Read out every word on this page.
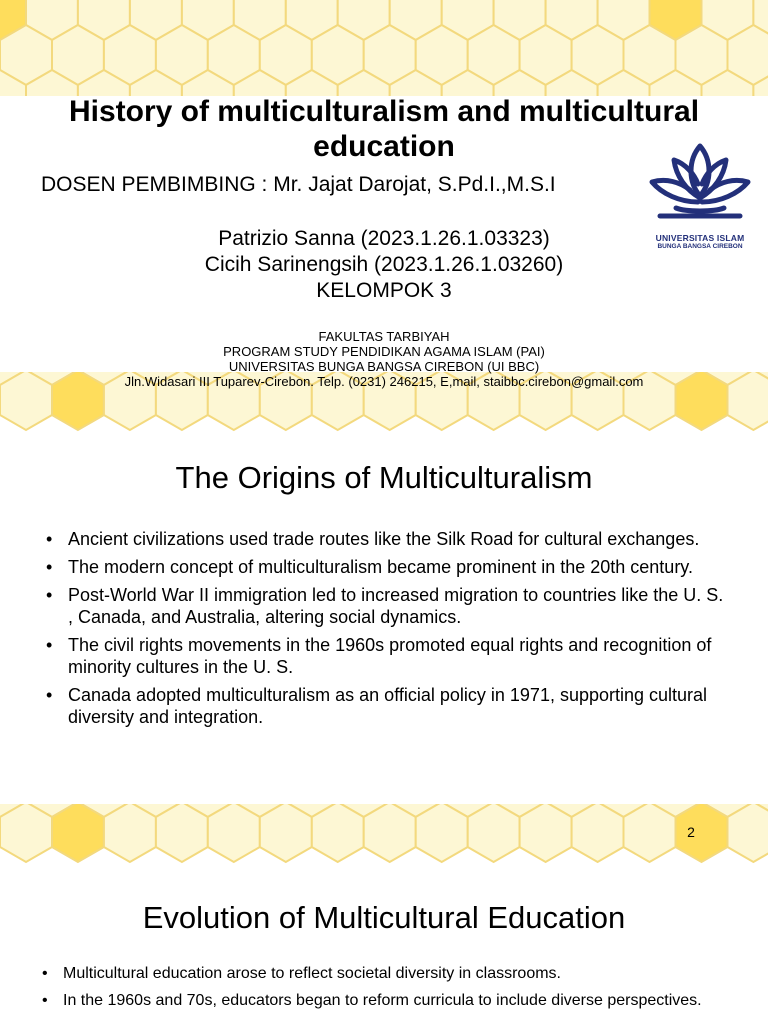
History of multiculturalism and multicultural education
DOSEN PEMBIMBING : Mr. Jajat Darojat, S.Pd.I.,M.S.I
Patrizio Sanna (2023.1.26.1.03323)
Cicih Sarinengsih (2023.1.26.1.03260)
KELOMPOK 3
FAKULTAS TARBIYAH
PROGRAM STUDY PENDIDIKAN AGAMA ISLAM (PAI)
UNIVERSITAS BUNGA BANGSA CIREBON (UI BBC)
Jln.Widasari III Tuparev-Cirebon. Telp. (0231) 246215, E,mail, staibbc.cirebon@gmail.com
UNIVERSITAS ISLAM
BUNGA BANGSA CIREBON
The Origins of Multiculturalism
• Ancient civilizations used trade routes like the Silk Road for cultural exchanges.
• The modern concept of multiculturalism became prominent in the 20th century.
• Post-World War II immigration led to increased migration to countries like the U. S. , Canada, and Australia, altering social dynamics.
• The civil rights movements in the 1960s promoted equal rights and recognition of minority cultures in the U. S.
• Canada adopted multiculturalism as an official policy in 1971, supporting cultural diversity and integration.
2
Evolution of Multicultural Education
• Multicultural education arose to reflect societal diversity in classrooms.
• In the 1960s and 70s, educators began to reform curricula to include diverse perspectives.
